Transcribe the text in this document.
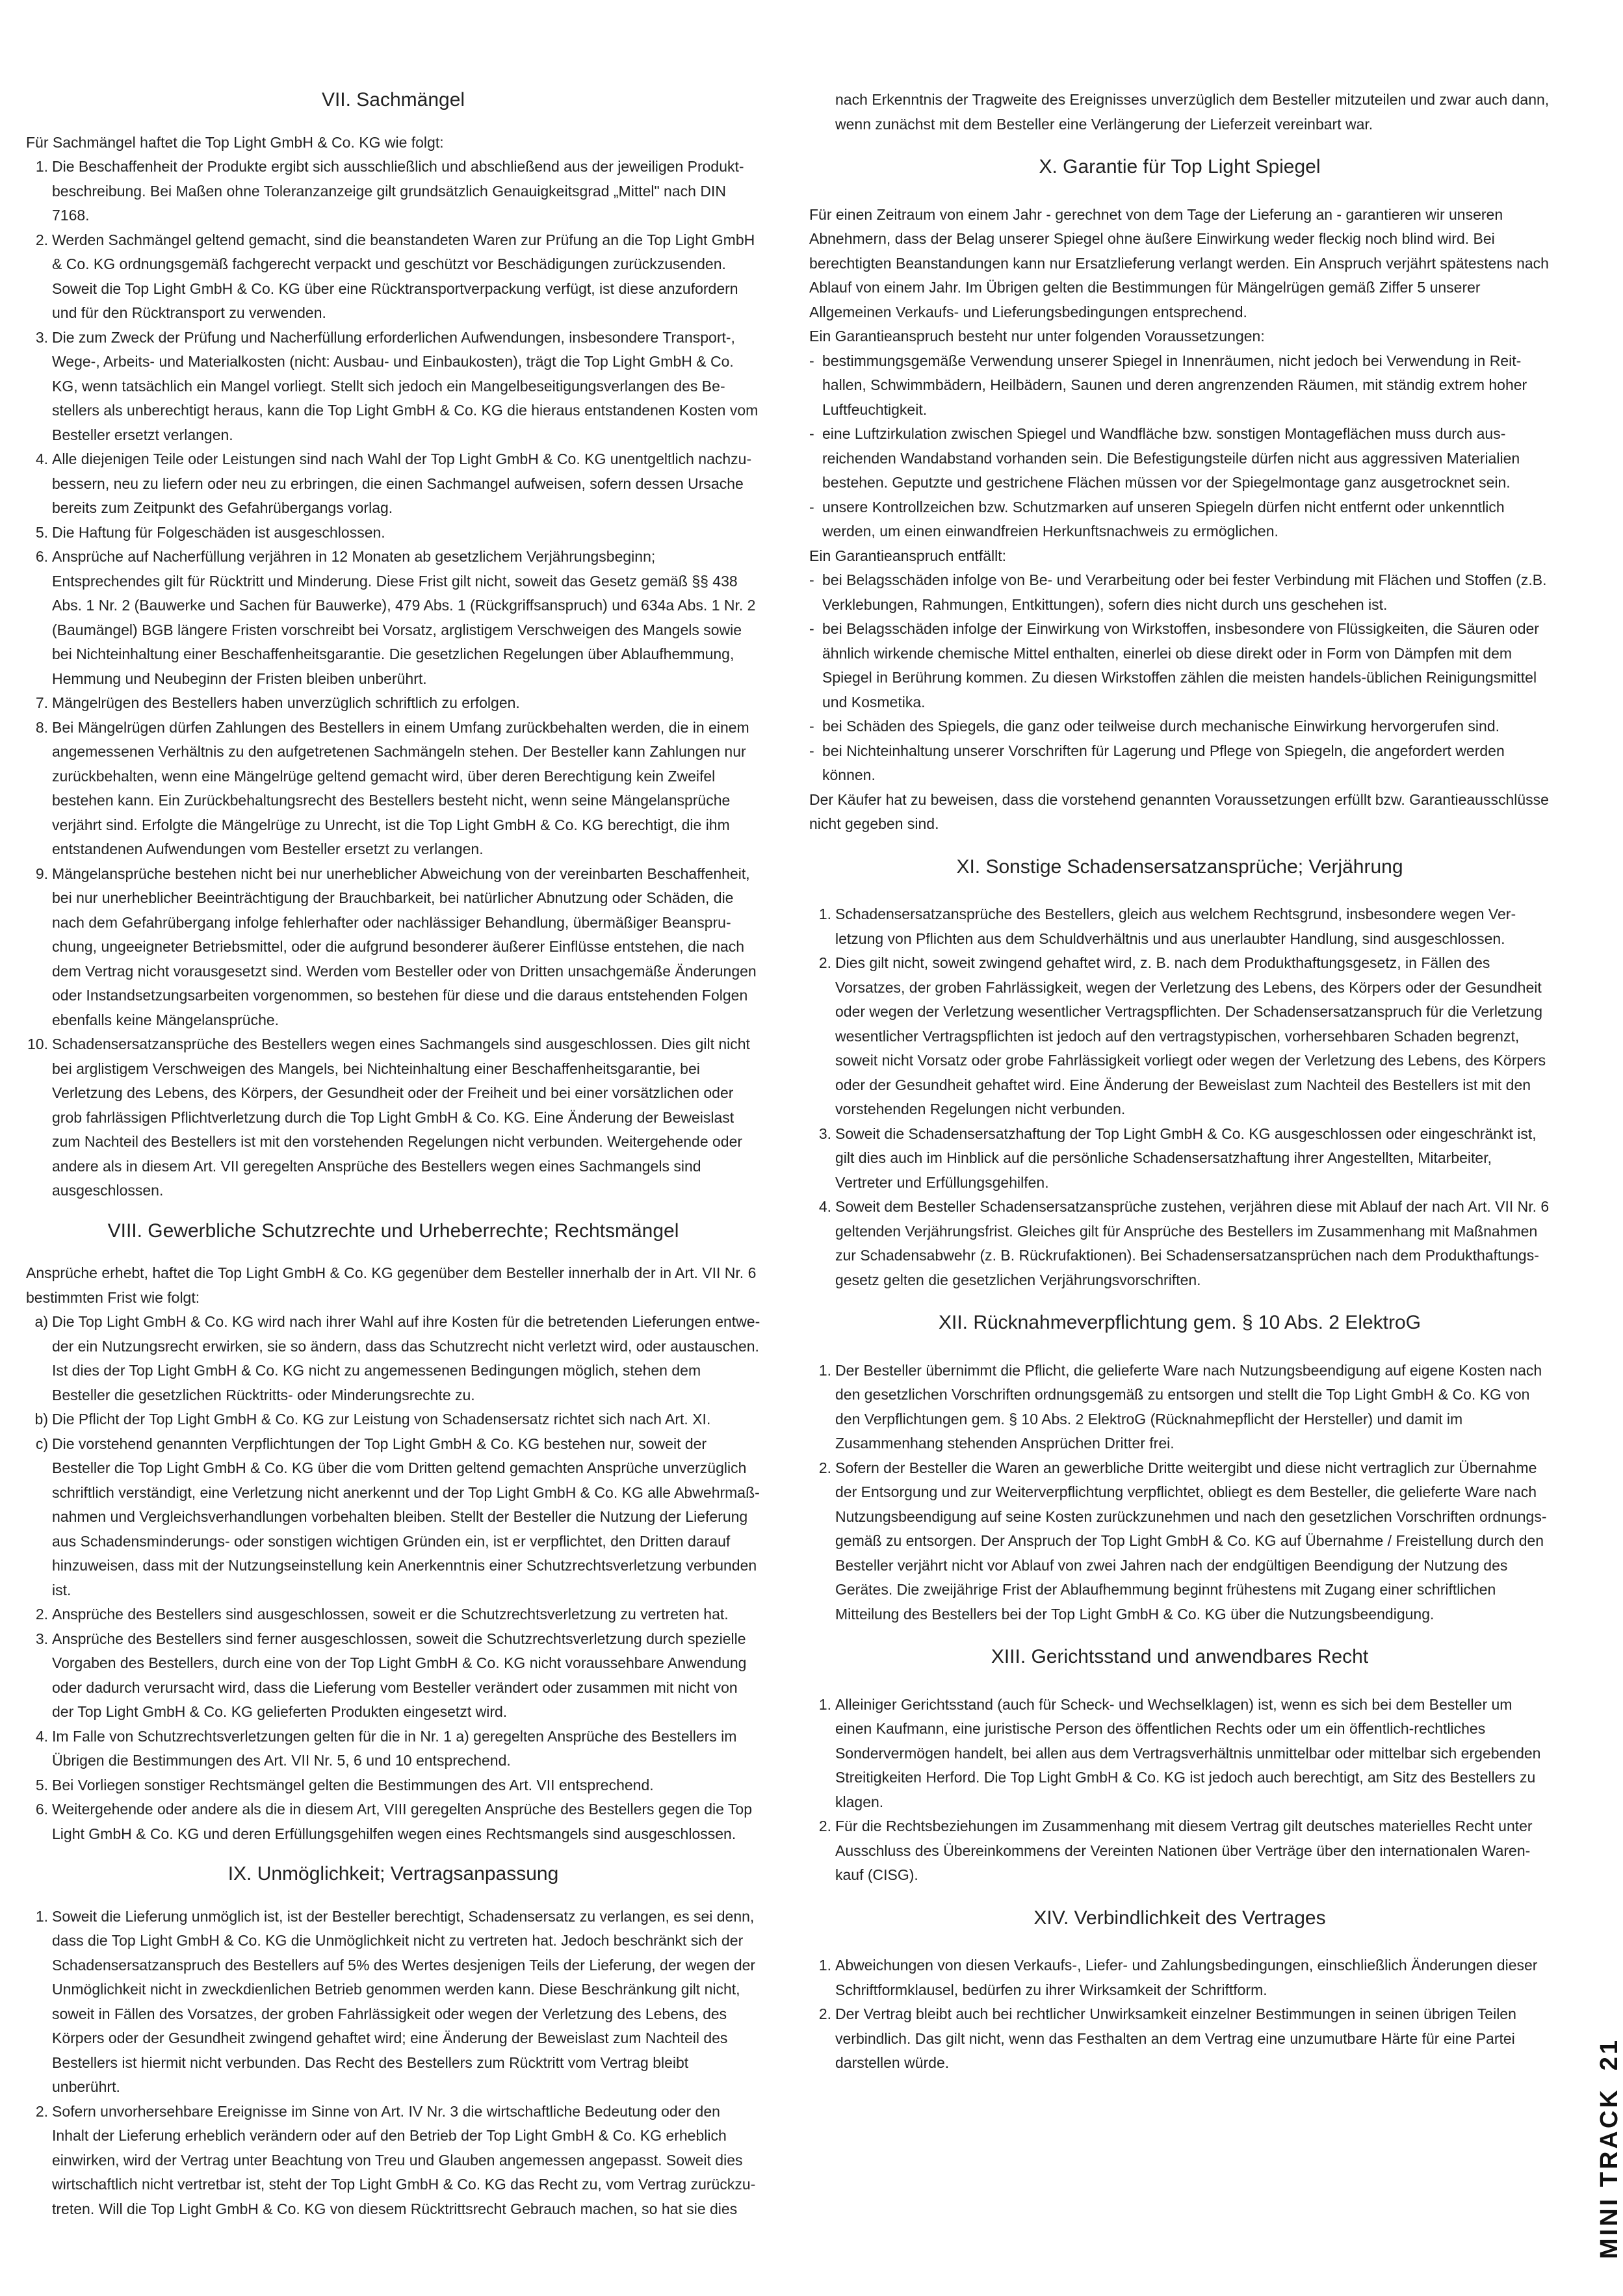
VII. Sachmängel

Für Sachmängel haftet die Top Light GmbH & Co. KG wie folgt:

1. Die Beschaffenheit der Produkte ergibt sich ausschließlich und abschließend aus der jeweiligen Produktbeschreibung. Bei Maßen ohne Toleranzanzeige gilt grundsätzlich Genauigkeitsgrad „Mittel" nach DIN 7168.
2. Werden Sachmängel geltend gemacht, sind die beanstandeten Waren zur Prüfung an die Top Light GmbH & Co. KG ordnungsgemäß fachgerecht verpackt und geschützt vor Beschädigungen zurückzusenden. Soweit die Top Light GmbH & Co. KG über eine Rücktransportverpackung verfügt, ist diese anzufordern und für den Rücktransport zu verwenden.
3. Die zum Zweck der Prüfung und Nacherfüllung erforderlichen Aufwendungen, insbesondere Transport-, Wege-, Arbeits- und Materialkosten (nicht: Ausbau- und Einbaukosten), trägt die Top Light GmbH & Co. KG, wenn tatsächlich ein Mangel vorliegt. Stellt sich jedoch ein Mangelbeseitigungsverlangen des Bestellers als unberechtigt heraus, kann die Top Light GmbH & Co. KG die hieraus entstandenen Kosten vom Besteller ersetzt verlangen.
4. Alle diejenigen Teile oder Leistungen sind nach Wahl der Top Light GmbH & Co. KG unentgeltlich nachzubessern, neu zu liefern oder neu zu erbringen, die einen Sachmangel aufweisen, sofern dessen Ursache bereits zum Zeitpunkt des Gefahrübergangs vorlag.
5. Die Haftung für Folgeschäden ist ausgeschlossen.
6. Ansprüche auf Nacherfüllung verjähren in 12 Monaten ab gesetzlichem Verjährungsbeginn; Entsprechendes gilt für Rücktritt und Minderung. Diese Frist gilt nicht, soweit das Gesetz gemäß §§ 438 Abs. 1 Nr. 2 (Bauwerke und Sachen für Bauwerke), 479 Abs. 1 (Rückgriffsanspruch) und 634a Abs. 1 Nr. 2 (Baumängel) BGB längere Fristen vorschreibt bei Vorsatz, arglistigem Verschweigen des Mangels sowie bei Nichteinhaltung einer Beschaffenheitsgarantie. Die gesetzlichen Regelungen über Ablaufhemmung, Hemmung und Neubeginn der Fristen bleiben unberührt.
7. Mängelrügen des Bestellers haben unverzüglich schriftlich zu erfolgen.
8. Bei Mängelrügen dürfen Zahlungen des Bestellers in einem Umfang zurückbehalten werden, die in einem angemessenen Verhältnis zu den aufgetretenen Sachmängeln stehen. Der Besteller kann Zahlungen nur zurückbehalten, wenn eine Mängelrüge geltend gemacht wird, über deren Berechtigung kein Zweifel bestehen kann. Ein Zurückbehaltungsrecht des Bestellers besteht nicht, wenn seine Mängelansprüche verjährt sind. Erfolgte die Mängelrüge zu Unrecht, ist die Top Light GmbH & Co. KG berechtigt, die ihm entstandenen Aufwendungen vom Besteller ersetzt zu verlangen.
9. Mängelansprüche bestehen nicht bei nur unerheblicher Abweichung von der vereinbarten Beschaffenheit, bei nur unerheblicher Beeinträchtigung der Brauchbarkeit, bei natürlicher Abnutzung oder Schäden, die nach dem Gefahrübergang infolge fehlerhafter oder nachlässiger Behandlung, übermäßiger Beanspruchung, ungeeigneter Betriebsmittel, oder die aufgrund besonderer äußerer Einflüsse entstehen, die nach dem Vertrag nicht vorausgesetzt sind. Werden vom Besteller oder von Dritten unsachgemäße Änderungen oder Instandsetzungsarbeiten vorgenommen, so bestehen für diese und die daraus entstehenden Folgen ebenfalls keine Mängelansprüche.
10. Schadensersatzansprüche des Bestellers wegen eines Sachmangels sind ausgeschlossen. Dies gilt nicht bei arglistigem Verschweigen des Mangels, bei Nichteinhaltung einer Beschaffenheitsgarantie, bei Verletzung des Lebens, des Körpers, der Gesundheit oder der Freiheit und bei einer vorsätzlichen oder grob fahrlässigen Pflichtverletzung durch die Top Light GmbH & Co. KG. Eine Änderung der Beweislast zum Nachteil des Bestellers ist mit den vorstehenden Regelungen nicht verbunden. Weitergehende oder andere als in diesem Art. VII geregelten Ansprüche des Bestellers wegen eines Sachmangels sind ausgeschlossen.
VIII. Gewerbliche Schutzrechte und Urheberrechte; Rechtsmängel

Ansprüche erhebt, haftet die Top Light GmbH & Co. KG gegenüber dem Besteller innerhalb der in Art. VII Nr. 6 bestimmten Frist wie folgt:

a) Die Top Light GmbH & Co. KG wird nach ihrer Wahl auf ihre Kosten für die betretenden Lieferungen entweder ein Nutzungsrecht erwirken, sie so ändern, dass das Schutzrecht nicht verletzt wird, oder austauschen. Ist dies der Top Light GmbH & Co. KG nicht zu angemessenen Bedingungen möglich, stehen dem Besteller die gesetzlichen Rücktritts- oder Minderungsrechte zu.
b) Die Pflicht der Top Light GmbH & Co. KG zur Leistung von Schadensersatz richtet sich nach Art. XI.
c) Die vorstehend genannten Verpflichtungen der Top Light GmbH & Co. KG bestehen nur, soweit der Besteller die Top Light GmbH & Co. KG über die vom Dritten geltend gemachten Ansprüche unverzüglich schriftlich verständigt, eine Verletzung nicht anerkennt und der Top Light GmbH & Co. KG alle Abwehrmaßnahmen und Vergleichsverhandlungen vorbehalten bleiben. Stellt der Besteller die Nutzung der Lieferung aus Schadensminderungs- oder sonstigen wichtigen Gründen ein, ist er verpflichtet, den Dritten darauf hinzuweisen, dass mit der Nutzungseinstellung kein Anerkenntnis einer Schutzrechtsverletzung verbunden ist.
2. Ansprüche des Bestellers sind ausgeschlossen, soweit er die Schutzrechtsverletzung zu vertreten hat.
3. Ansprüche des Bestellers sind ferner ausgeschlossen, soweit die Schutzrechtsverletzung durch spezielle Vorgaben des Bestellers, durch eine von der Top Light GmbH & Co. KG nicht voraussehbare Anwendung oder dadurch verursacht wird, dass die Lieferung vom Besteller verändert oder zusammen mit nicht von der Top Light GmbH & Co. KG gelieferten Produkten eingesetzt wird.
4. Im Falle von Schutzrechtsverletzungen gelten für die in Nr. 1 a) geregelten Ansprüche des Bestellers im Übrigen die Bestimmungen des Art. VII Nr. 5, 6 und 10 entsprechend.
5. Bei Vorliegen sonstiger Rechtsmängel gelten die Bestimmungen des Art. VII entsprechend.
6. Weitergehende oder andere als die in diesem Art, VIII geregelten Ansprüche des Bestellers gegen die Top Light GmbH & Co. KG und deren Erfüllungsgehilfen wegen eines Rechtsmangels sind ausgeschlossen.
IX. Unmöglichkeit; Vertragsanpassung
1. Soweit die Lieferung unmöglich ist, ist der Besteller berechtigt, Schadensersatz zu verlangen, es sei denn, dass die Top Light GmbH & Co. KG die Unmöglichkeit nicht zu vertreten hat. Jedoch beschränkt sich der Schadensersatzanspruch des Bestellers auf 5% des Wertes desjenigen Teils der Lieferung, der wegen der Unmöglichkeit nicht in zweckdienlichen Betrieb genommen werden kann. Diese Beschränkung gilt nicht, soweit in Fällen des Vorsatzes, der groben Fahrlässigkeit oder wegen der Verletzung des Lebens, des Körpers oder der Gesundheit zwingend gehaftet wird; eine Änderung der Beweislast zum Nachteil des Bestellers ist hiermit nicht verbunden. Das Recht des Bestellers zum Rücktritt vom Vertrag bleibt unberührt.
2. Sofern unvorhersehbare Ereignisse im Sinne von Art. IV Nr. 3 die wirtschaftliche Bedeutung oder den Inhalt der Lieferung erheblich verändern oder auf den Betrieb der Top Light GmbH & Co. KG erheblich einwirken, wird der Vertrag unter Beachtung von Treu und Glauben angemessen angepasst. Soweit dies wirtschaftlich nicht vertretbar ist, steht der Top Light GmbH & Co. KG das Recht zu, vom Vertrag zurückzutreten. Will die Top Light GmbH & Co. KG von diesem Rücktrittsrecht Gebrauch machen, so hat sie dies

nach Erkenntnis der Tragweite des Ereignisses unverzüglich dem Besteller mitzuteilen und zwar auch dann, wenn zunächst mit dem Besteller eine Verlängerung der Lieferzeit vereinbart war.

X. Garantie für Top Light Spiegel

Für einen Zeitraum von einem Jahr - gerechnet von dem Tage der Lieferung an - garantieren wir unseren Abnehmern, dass der Belag unserer Spiegel ohne äußere Einwirkung weder fleckig noch blind wird. Bei berechtigten Beanstandungen kann nur Ersatzlieferung verlangt werden. Ein Anspruch verjährt spätestens nach Ablauf von einem Jahr. Im Übrigen gelten die Bestimmungen für Mängelrügen gemäß Ziffer 5 unserer Allgemeinen Verkaufs- und Lieferungsbedingungen entsprechend.

Ein Garantieanspruch besteht nur unter folgenden Voraussetzungen:

- bestimmungsgemäße Verwendung unserer Spiegel in Innenräumen, nicht jedoch bei Verwendung in Reithallen, Schwimmbädern, Heilbädern, Saunen und deren angrenzenden Räumen, mit ständig extrem hoher Luftfeuchtigkeit.
- eine Luftzirkulation zwischen Spiegel und Wandfläche bzw. sonstigen Montageflächen muss durch ausreichenden Wandabstand vorhanden sein. Die Befestigungsteile dürfen nicht aus aggressiven Materialien bestehen. Geputzte und gestrichene Flächen müssen vor der Spiegelmontage ganz ausgetrocknet sein.
- unsere Kontrollzeichen bzw. Schutzmarken auf unseren Spiegeln dürfen nicht entfernt oder unkenntlich werden, um einen einwandfreien Herkunftsnachweis zu ermöglichen.

Ein Garantieanspruch entfällt:

- bei Belagsschäden infolge von Be- und Verarbeitung oder bei fester Verbindung mit Flächen und Stoffen (z.B. Verklebungen, Rahmungen, Entkittungen), sofern dies nicht durch uns geschehen ist.
- bei Belagsschäden infolge der Einwirkung von Wirkstoffen, insbesondere von Flüssigkeiten, die Säuren oder ähnlich wirkende chemische Mittel enthalten, einerlei ob diese direkt oder in Form von Dämpfen mit dem Spiegel in Berührung kommen. Zu diesen Wirkstoffen zählen die meisten handels-üblichen Reinigungsmittel und Kosmetika.
- bei Schäden des Spiegels, die ganz oder teilweise durch mechanische Einwirkung hervorgerufen sind.
- bei Nichteinhaltung unserer Vorschriften für Lagerung und Pflege von Spiegeln, die angefordert werden können.

Der Käufer hat zu beweisen, dass die vorstehend genannten Voraussetzungen erfüllt bzw. Garantieausschlüsse nicht gegeben sind.

XI. Sonstige Schadensersatzansprüche; Verjährung
1. Schadensersatzansprüche des Bestellers, gleich aus welchem Rechtsgrund, insbesondere wegen Verletzung von Pflichten aus dem Schuldverhältnis und aus unerlaubter Handlung, sind ausgeschlossen.
2. Dies gilt nicht, soweit zwingend gehaftet wird, z. B. nach dem Produkthaftungsgesetz, in Fällen des Vorsatzes, der groben Fahrlässigkeit, wegen der Verletzung des Lebens, des Körpers oder der Gesundheit oder wegen der Verletzung wesentlicher Vertragspflichten. Der Schadensersatzanspruch für die Verletzung wesentlicher Vertragspflichten ist jedoch auf den vertragstypischen, vorhersehbaren Schaden begrenzt, soweit nicht Vorsatz oder grobe Fahrlässigkeit vorliegt oder wegen der Verletzung des Lebens, des Körpers oder der Gesundheit gehaftet wird. Eine Änderung der Beweislast zum Nachteil des Bestellers ist mit den vorstehenden Regelungen nicht verbunden.
3. Soweit die Schadensersatzhaftung der Top Light GmbH & Co. KG ausgeschlossen oder eingeschränkt ist, gilt dies auch im Hinblick auf die persönliche Schadensersatzhaftung ihrer Angestellten, Mitarbeiter, Vertreter und Erfüllungsgehilfen.
4. Soweit dem Besteller Schadensersatzansprüche zustehen, verjähren diese mit Ablauf der nach Art. VII Nr. 6 geltenden Verjährungsfrist. Gleiches gilt für Ansprüche des Bestellers im Zusammenhang mit Maßnahmen zur Schadensabwehr (z. B. Rückrufaktionen). Bei Schadensersatzansprüchen nach dem Produkthaftungsgesetz gelten die gesetzlichen Verjährungsvorschriften.
XII. Rücknahmeverpflichtung gem. § 10 Abs. 2 ElektroG
1. Der Besteller übernimmt die Pflicht, die gelieferte Ware nach Nutzungsbeendigung auf eigene Kosten nach den gesetzlichen Vorschriften ordnungsgemäß zu entsorgen und stellt die Top Light GmbH & Co. KG von den Verpflichtungen gem. § 10 Abs. 2 ElektroG (Rücknahmepflicht der Hersteller) und damit im Zusammenhang stehenden Ansprüchen Dritter frei.
2. Sofern der Besteller die Waren an gewerbliche Dritte weitergibt und diese nicht vertraglich zur Übernahme der Entsorgung und zur Weiterverpflichtung verpflichtet, obliegt es dem Besteller, die gelieferte Ware nach Nutzungsbeendigung auf seine Kosten zurückzunehmen und nach den gesetzlichen Vorschriften ordnungsgemäß zu entsorgen. Der Anspruch der Top Light GmbH & Co. KG auf Übernahme / Freistellung durch den Besteller verjährt nicht vor Ablauf von zwei Jahren nach der endgültigen Beendigung der Nutzung des Gerätes. Die zweijährige Frist der Ablaufhemmung beginnt frühestens mit Zugang einer schriftlichen Mitteilung des Bestellers bei der Top Light GmbH & Co. KG über die Nutzungsbeendigung.
XIII. Gerichtsstand und anwendbares Recht
1. Alleiniger Gerichtsstand (auch für Scheck- und Wechselklagen) ist, wenn es sich bei dem Besteller um einen Kaufmann, eine juristische Person des öffentlichen Rechts oder um ein öffentlich-rechtliches Sondervermögen handelt, bei allen aus dem Vertragsverhältnis unmittelbar oder mittelbar sich ergebenden Streitigkeiten Herford. Die Top Light GmbH & Co. KG ist jedoch auch berechtigt, am Sitz des Bestellers zu klagen.
2. Für die Rechtsbeziehungen im Zusammenhang mit diesem Vertrag gilt deutsches materielles Recht unter Ausschluss des Übereinkommens der Vereinten Nationen über Verträge über den internationalen Warenkauf (CISG).
XIV. Verbindlichkeit des Vertrages
1. Abweichungen von diesen Verkaufs-, Liefer- und Zahlungsbedingungen, einschließlich Änderungen dieser Schriftformklausel, bedürfen zu ihrer Wirksamkeit der Schriftform.
2. Der Vertrag bleibt auch bei rechtlicher Unwirksamkeit einzelner Bestimmungen in seinen übrigen Teilen verbindlich. Das gilt nicht, wenn das Festhalten an dem Vertrag eine unzumutbare Härte für eine Partei darstellen würde.
MINI TRACK21
